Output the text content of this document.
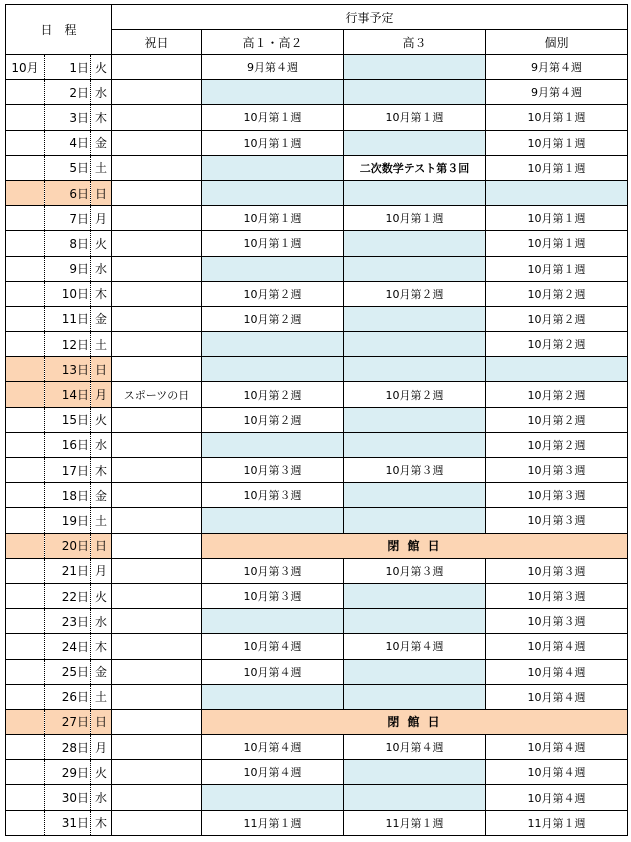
日　程			行事予定			
			祝日	高１・高２	高３	個別
10月	1日	火		9月第４週		9月第４週
	2日	水				9月第４週
	3日	木		10月第１週	10月第１週	10月第１週
	4日	金		10月第１週		10月第１週
	5日	土			二次数学テスト第３回	10月第１週
	6日	日				
	7日	月		10月第１週	10月第１週	10月第１週
	8日	火		10月第１週		10月第１週
	9日	水				10月第１週
	10日	木		10月第２週	10月第２週	10月第２週
	11日	金		10月第２週		10月第２週
	12日	土				10月第２週
	13日	日				
	14日	月	スポーツの日	10月第２週	10月第２週	10月第２週
	15日	火		10月第２週		10月第２週
	16日	水				10月第２週
	17日	木		10月第３週	10月第３週	10月第３週
	18日	金		10月第３週		10月第３週
	19日	土				10月第３週
	20日	日		閉 館 日		
	21日	月		10月第３週	10月第３週	10月第３週
	22日	火		10月第３週		10月第３週
	23日	水				10月第３週
	24日	木		10月第４週	10月第４週	10月第４週
	25日	金		10月第４週		10月第４週
	26日	土				10月第４週
	27日	日		閉 館 日		
	28日	月		10月第４週	10月第４週	10月第４週
	29日	火		10月第４週		10月第４週
	30日	水				10月第４週
	31日	木		11月第１週	11月第１週	11月第１週
